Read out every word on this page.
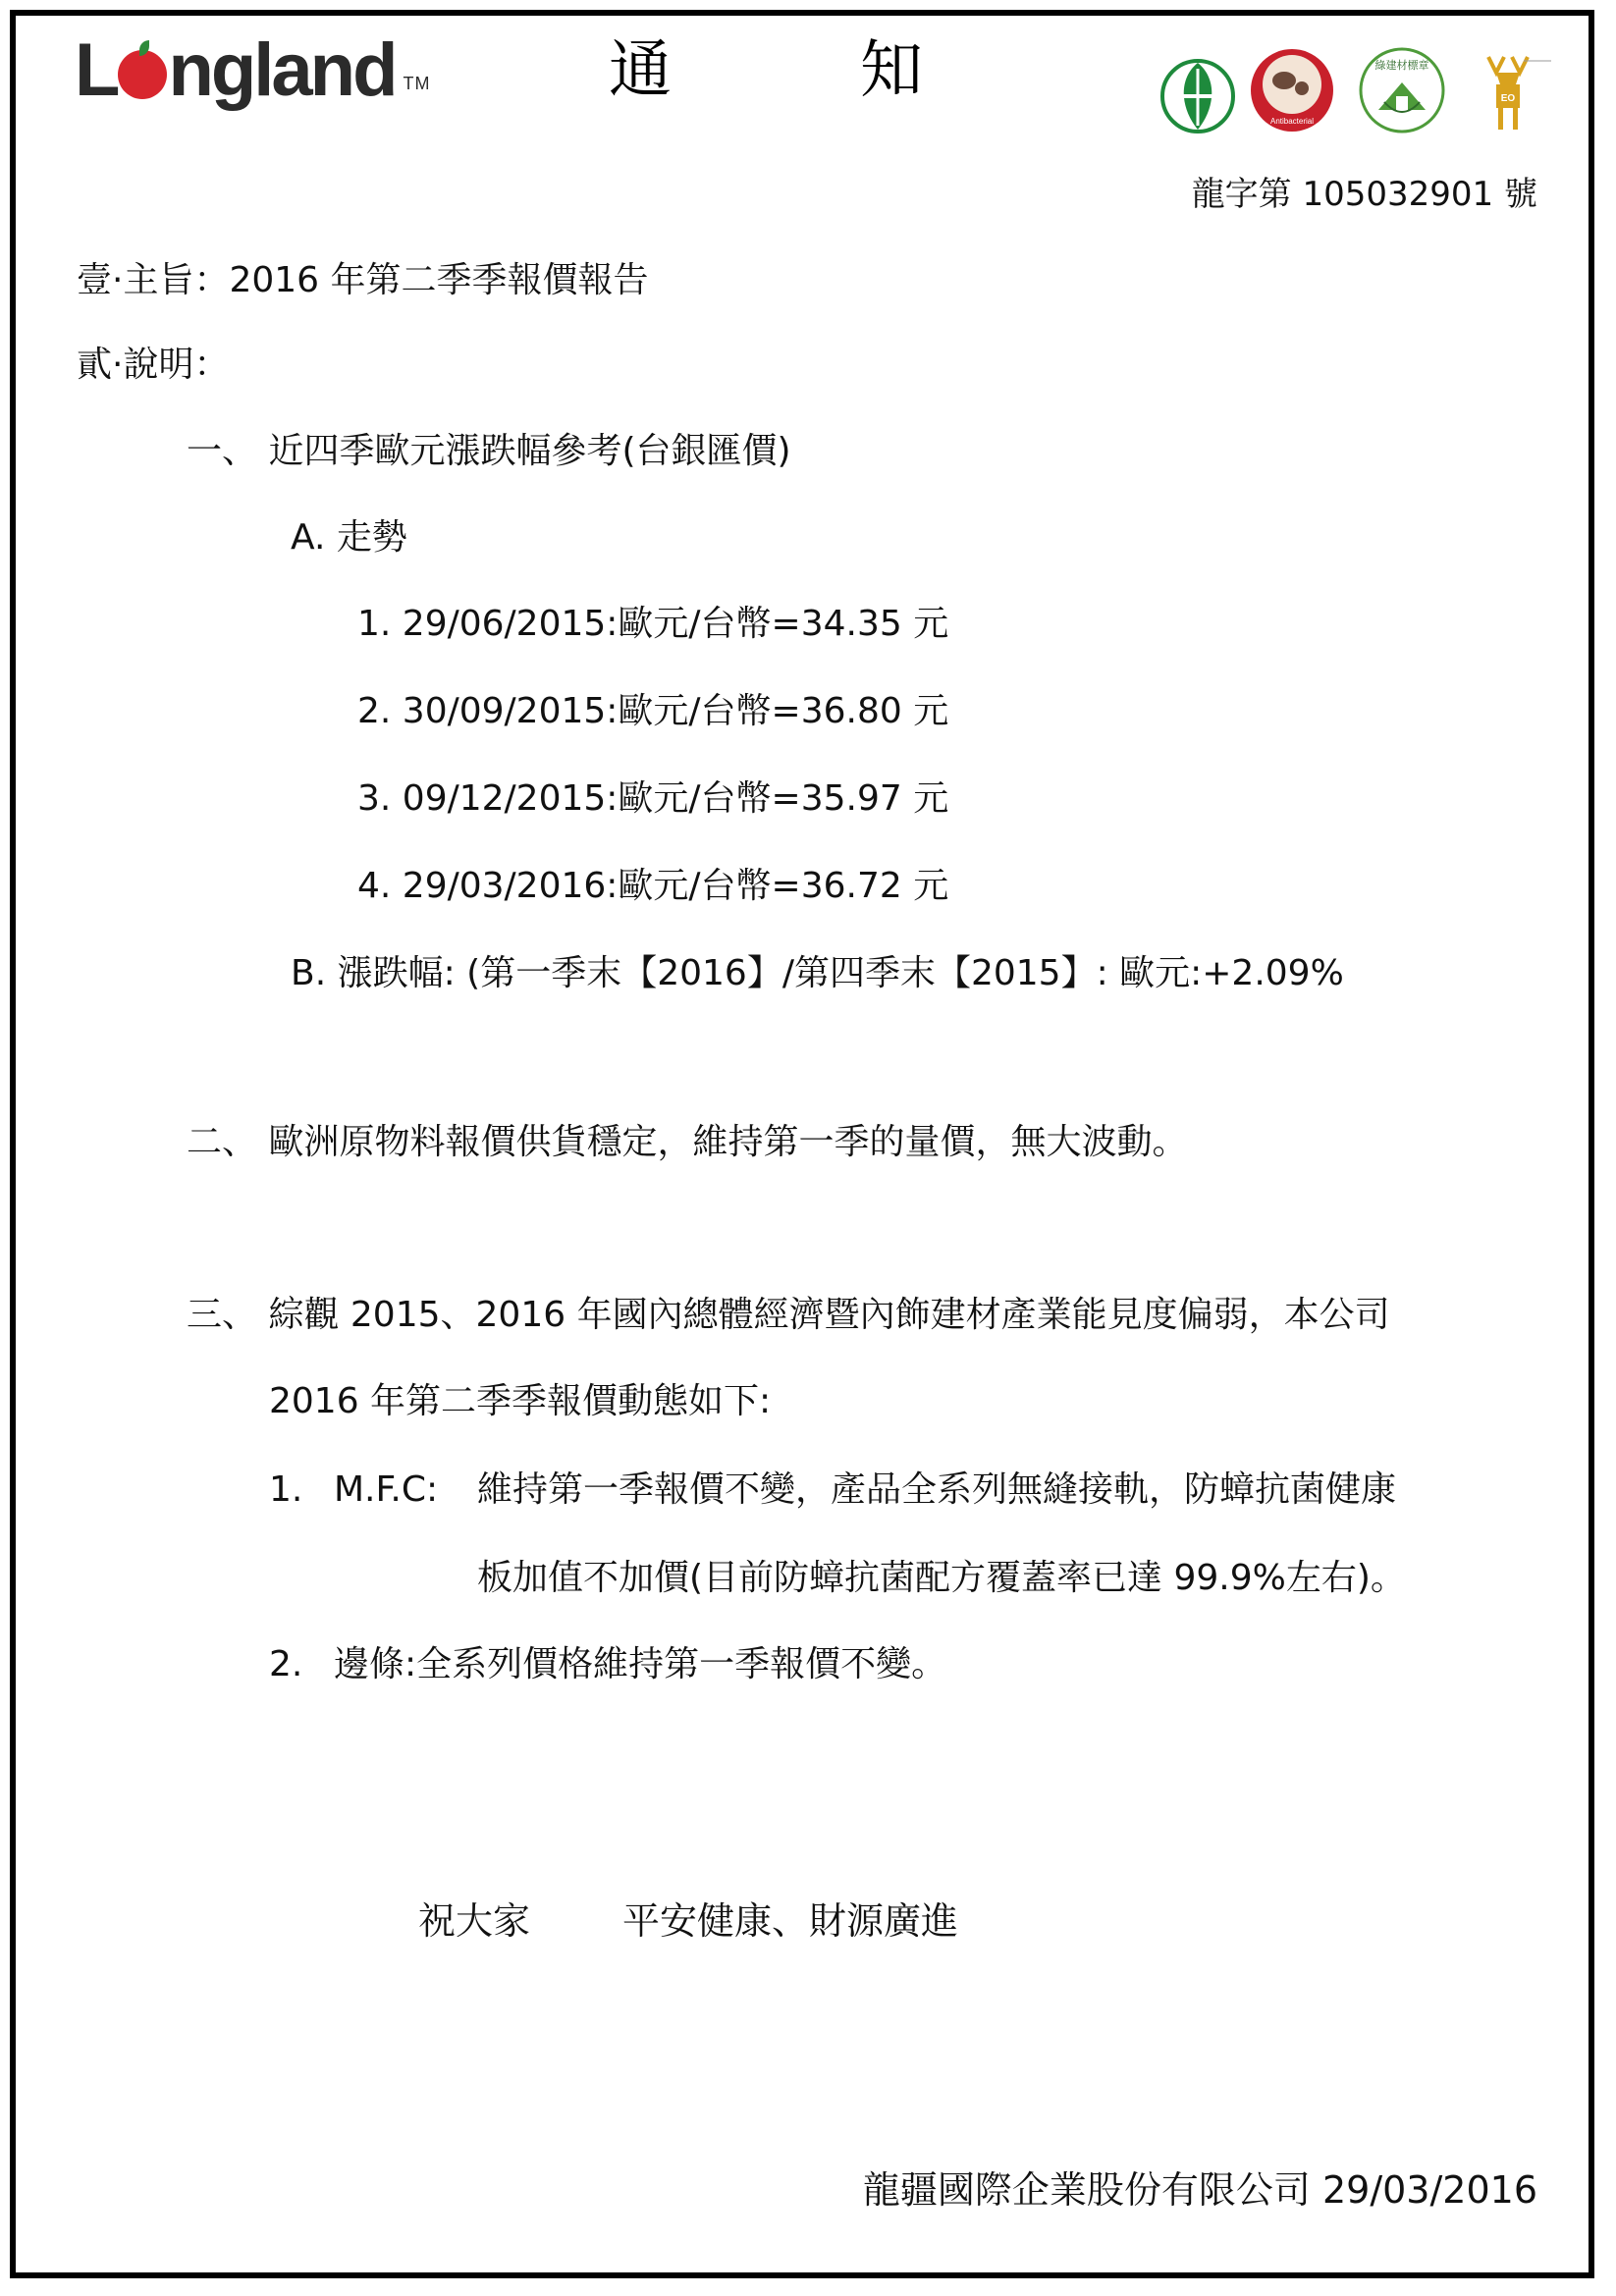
L ngland TM	通	知
Antibacterial
綠建材標章
EO
龍字第 105032901 號
壹·主旨：2016 年第二季季報價報告
貳·說明：
一、 近四季歐元漲跌幅參考(台銀匯價)
A. 走勢
1. 29/06/2015:歐元/台幣=34.35 元
2. 30/09/2015:歐元/台幣=36.80 元
3. 09/12/2015:歐元/台幣=35.97 元
4. 29/03/2016:歐元/台幣=36.72 元
B. 漲跌幅: (第一季末【2016】/第四季末【2015】: 歐元:+2.09%
二、 歐洲原物料報價供貨穩定，維持第一季的量價，無大波動。
三、 綜觀 2015、2016 年國內總體經濟暨內飾建材產業能見度偏弱，本公司
2016 年第二季季報價動態如下:
1. M.F.C: 維持第一季報價不變，產品全系列無縫接軌，防蟑抗菌健康
板加值不加價(目前防蟑抗菌配方覆蓋率已達 99.9%左右)。
2. 邊條:全系列價格維持第一季報價不變。
祝大家 平安健康、財源廣進
龍疆國際企業股份有限公司 29/03/2016
